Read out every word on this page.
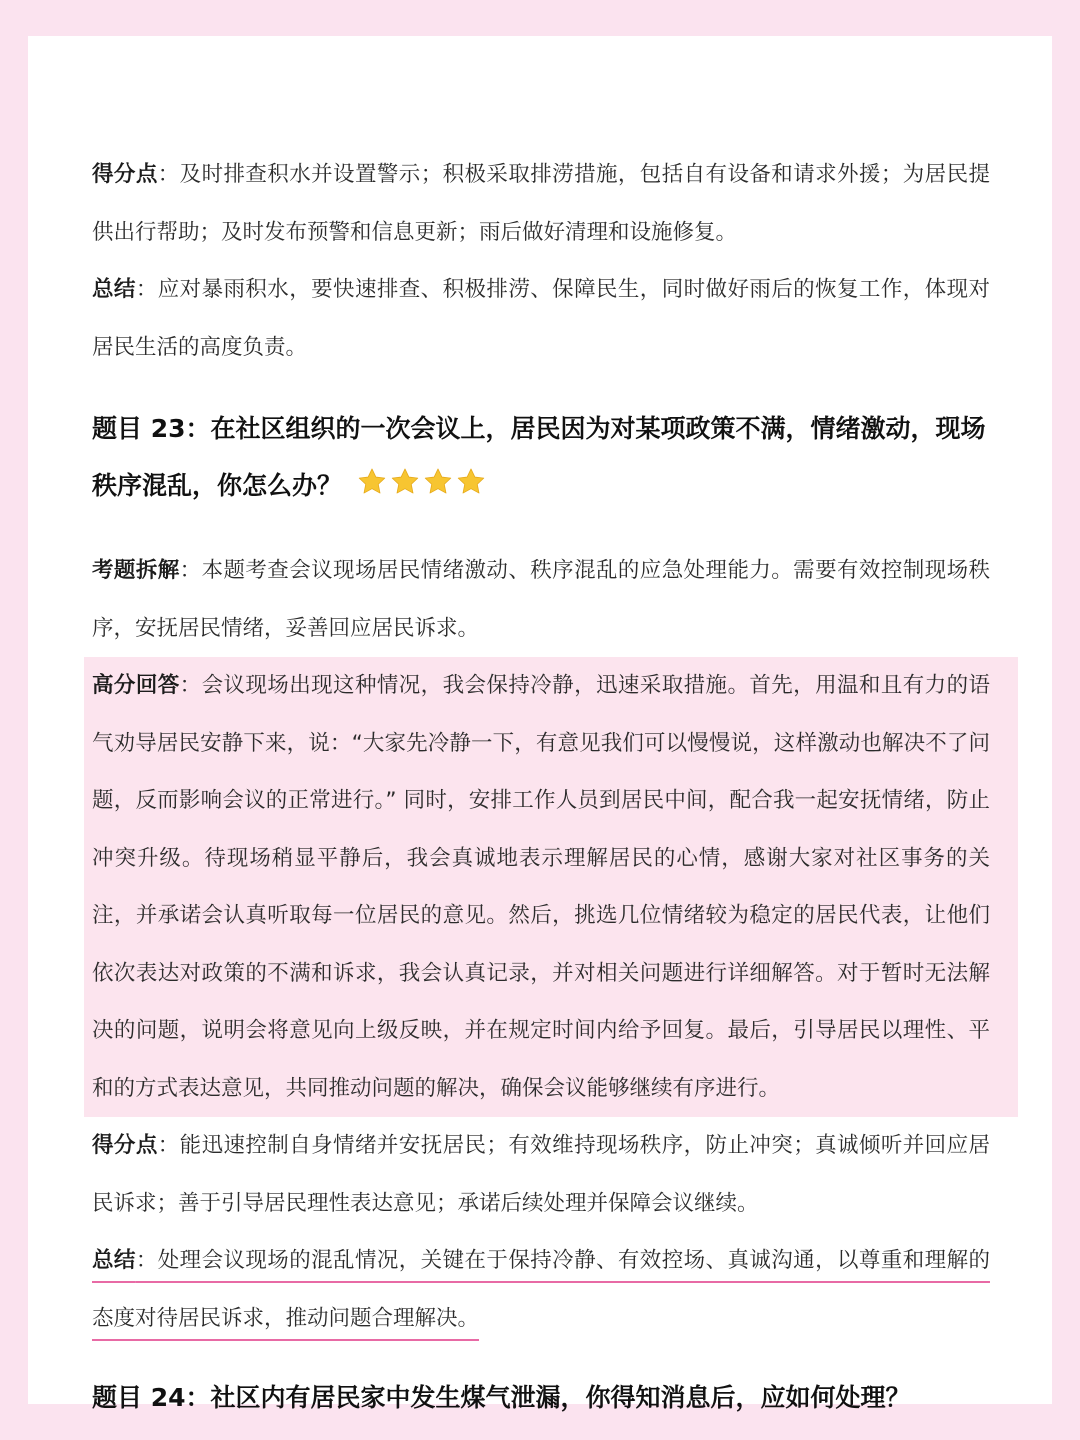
得分点：及时排查积水并设置警示；积极采取排涝措施，包括自有设备和请求外援；为居民提供出行帮助；及时发布预警和信息更新；雨后做好清理和设施修复。

总结：应对暴雨积水，要快速排查、积极排涝、保障民生，同时做好雨后的恢复工作，体现对居民生活的高度负责。

题目 23：在社区组织的一次会议上，居民因为对某项政策不满，情绪激动，现场秩序混乱，你怎么办？

考题拆解：本题考查会议现场居民情绪激动、秩序混乱的应急处理能力。需要有效控制现场秩序，安抚居民情绪，妥善回应居民诉求。

高分回答：会议现场出现这种情况，我会保持冷静，迅速采取措施。首先，用温和且有力的语气劝导居民安静下来，说：“大家先冷静一下，有意见我们可以慢慢说，这样激动也解决不了问题，反而影响会议的正常进行。” 同时，安排工作人员到居民中间，配合我一起安抚情绪，防止冲突升级。待现场稍显平静后，我会真诚地表示理解居民的心情，感谢大家对社区事务的关注，并承诺会认真听取每一位居民的意见。然后，挑选几位情绪较为稳定的居民代表，让他们依次表达对政策的不满和诉求，我会认真记录，并对相关问题进行详细解答。对于暂时无法解决的问题，说明会将意见向上级反映，并在规定时间内给予回复。最后，引导居民以理性、平和的方式表达意见，共同推动问题的解决，确保会议能够继续有序进行。

得分点：能迅速控制自身情绪并安抚居民；有效维持现场秩序，防止冲突；真诚倾听并回应居民诉求；善于引导居民理性表达意见；承诺后续处理并保障会议继续。

总结：处理会议现场的混乱情况，关键在于保持冷静、有效控场、真诚沟通，以尊重和理解的态度对待居民诉求，推动问题合理解决。

题目 24：社区内有居民家中发生煤气泄漏，你得知消息后，应如何处理？
